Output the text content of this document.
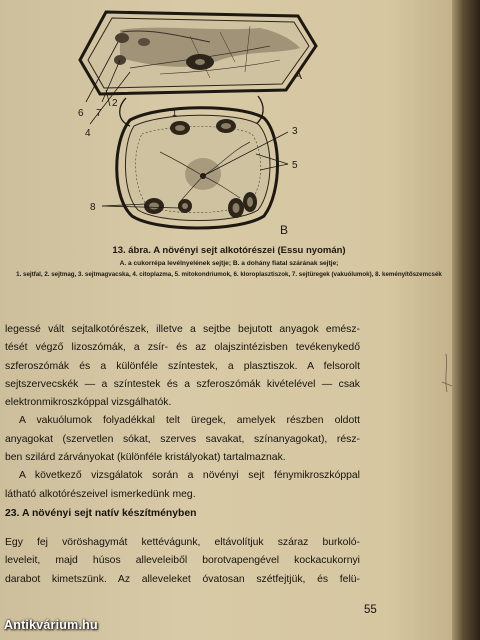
A
6 7
2
4
B
3
5
8
1
13. ábra. A növényi sejt alkotórészei (Essu nyomán)
A. a cukorrépa levélnyelének sejtje; B. a dohány fiatal szárának sejtje;
1. sejtfal, 2. sejtmag, 3. sejtmagvacska, 4. citoplazma, 5. mitokondriumok, 6. kloroplasztiszok, 7. sejtüregek (vakuólumok), 8. keményítőszemcsék

legessé vált sejtalkotórészek, illetve a sejtbe bejutott anyagok emész-

tését végző lizoszómák, a zsír- és az olajszintézisben tevékenykedő

szferoszómák és a különféle színtestek, a plasztiszok. A felsorolt

sejtszervecskék — a színtestek és a szferoszómák kivételével — csak

elektronmikroszkóppal vizsgálhatók.

A vakuólumok folyadékkal telt üregek, amelyek részben oldott

anyagokat (szervetlen sókat, szerves savakat, színanyagokat), rész-

ben szilárd zárványokat (különféle kristályokat) tartalmaznak.

A következő vizsgálatok során a növényi sejt fénymikroszkóppal

látható alkotórészeivel ismerkedünk meg.

23. A növényi sejt natív készítményben

Egy fej vöröshagymát kettévágunk, eltávolítjuk száraz burkoló-

leveleit, majd húsos alleveleiből borotvapengével kockacukornyi

darabot kimetszünk. Az alleveleket óvatosan szétfejtjük, és felü-

55
Antikvárium.hu
